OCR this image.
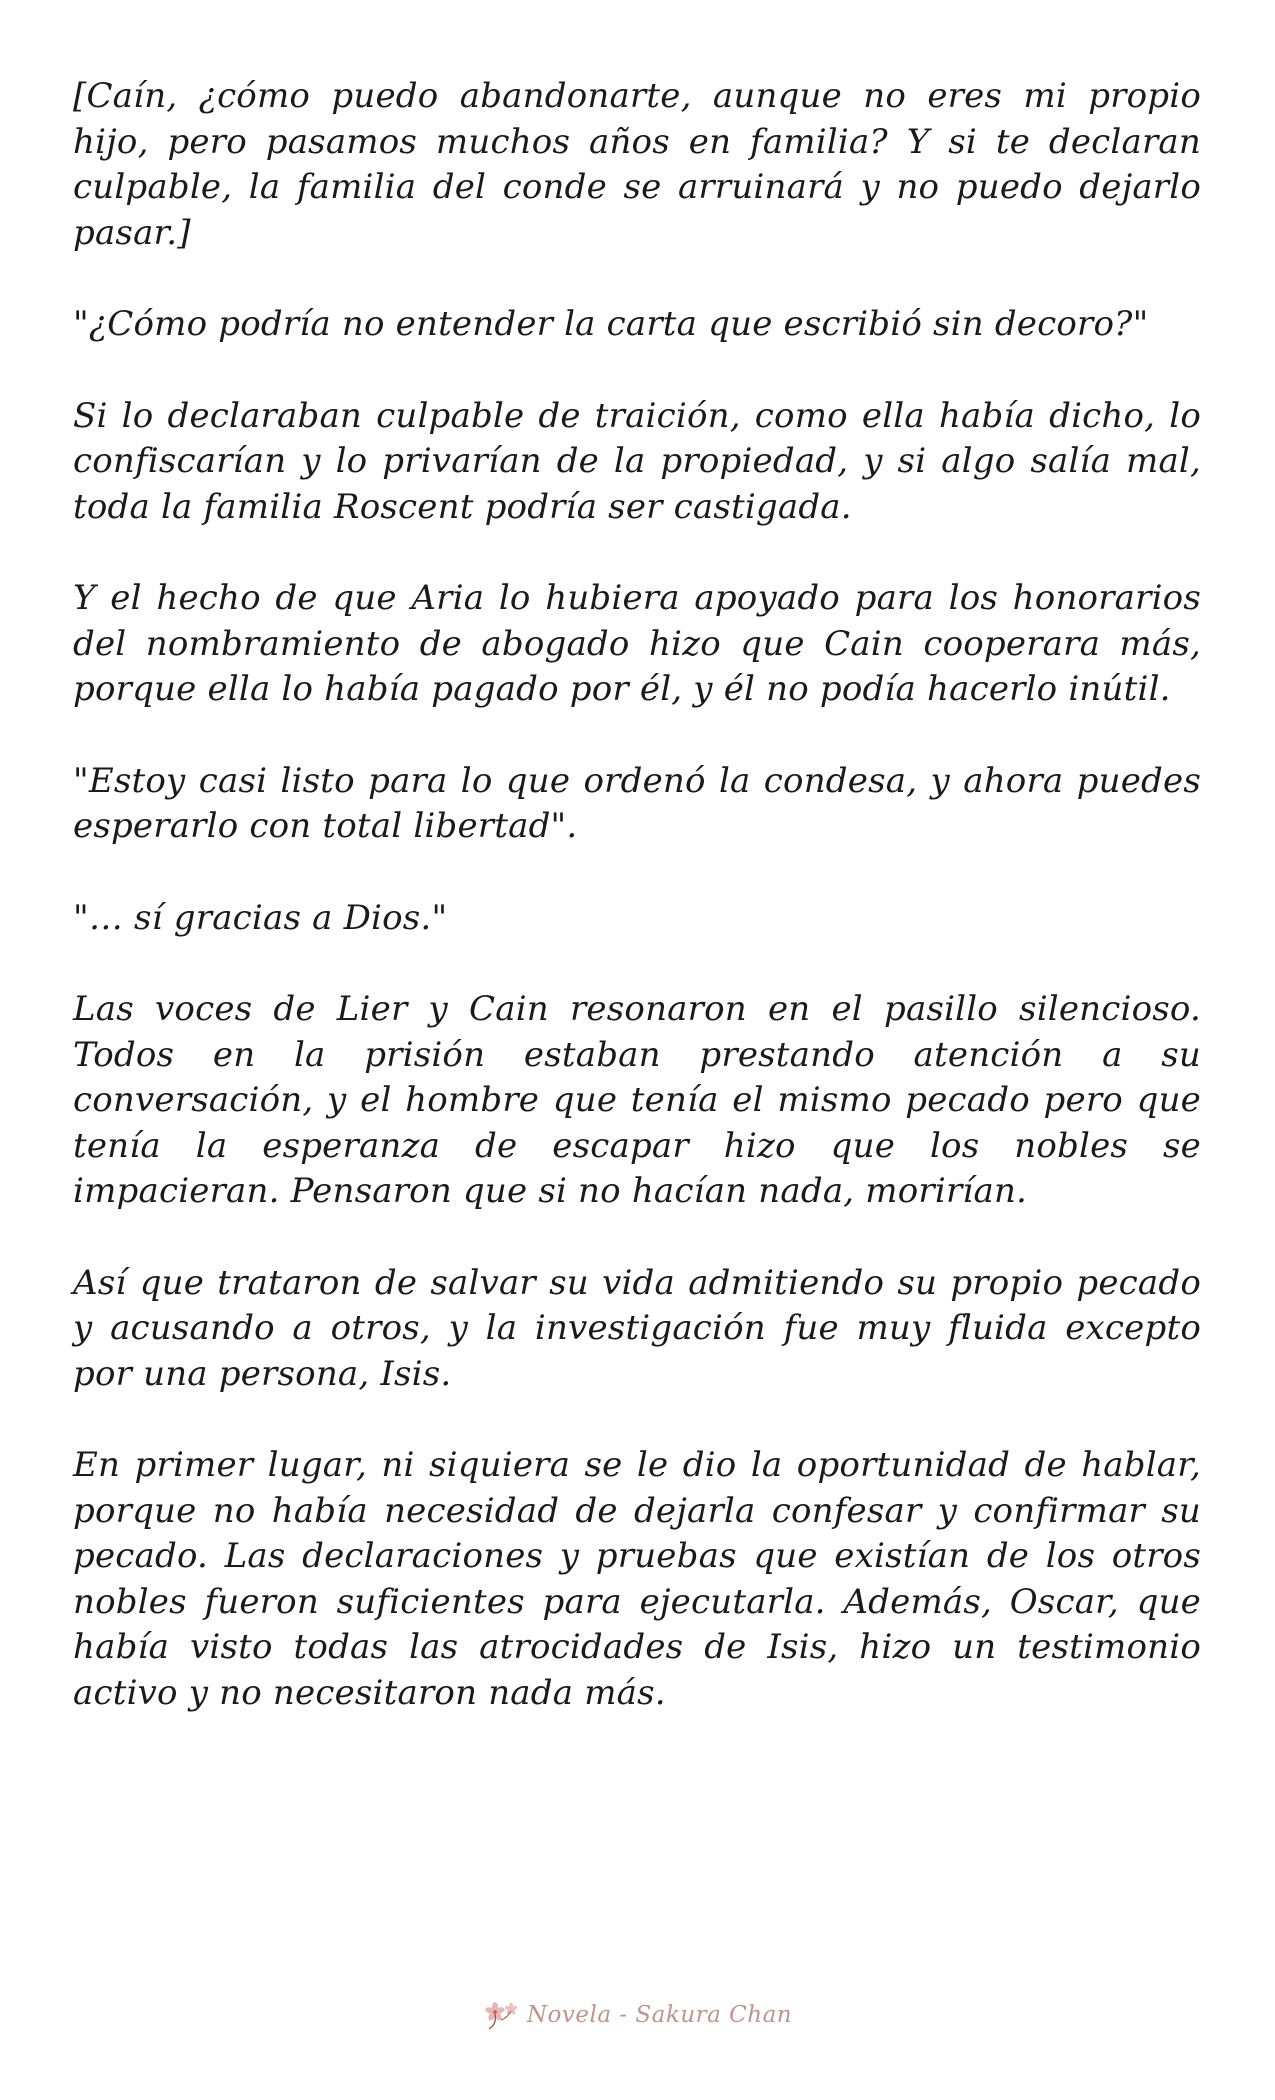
[Caín, ¿cómo puedo abandonarte, aunque no eres mi propio hijo, pero pasamos muchos años en familia? Y si te declaran culpable, la familia del conde se arruinará y no puedo dejarlo pasar.]

"¿Cómo podría no entender la carta que escribió sin decoro?"

Si lo declaraban culpable de traición, como ella había dicho, lo confiscarían y lo privarían de la propiedad, y si algo salía mal, toda la familia Roscent podría ser castigada.

Y el hecho de que Aria lo hubiera apoyado para los honorarios del nombramiento de abogado hizo que Cain cooperara más, porque ella lo había pagado por él, y él no podía hacerlo inútil.

"Estoy casi listo para lo que ordenó la condesa, y ahora puedes esperarlo con total libertad".

"… sí gracias a Dios."

Las voces de Lier y Cain resonaron en el pasillo silencioso. Todos en la prisión estaban prestando atención a su conversación, y el hombre que tenía el mismo pecado pero que tenía la esperanza de escapar hizo que los nobles se impacieran. Pensaron que si no hacían nada, morirían.

Así que trataron de salvar su vida admitiendo su propio pecado y acusando a otros, y la investigación fue muy fluida excepto por una persona, Isis.

En primer lugar, ni siquiera se le dio la oportunidad de hablar, porque no había necesidad de dejarla confesar y confirmar su pecado. Las declaraciones y pruebas que existían de los otros nobles fueron suficientes para ejecutarla. Además, Oscar, que había visto todas las atrocidades de Isis, hizo un testimonio activo y no necesitaron nada más.

Novela - Sakura Chan
